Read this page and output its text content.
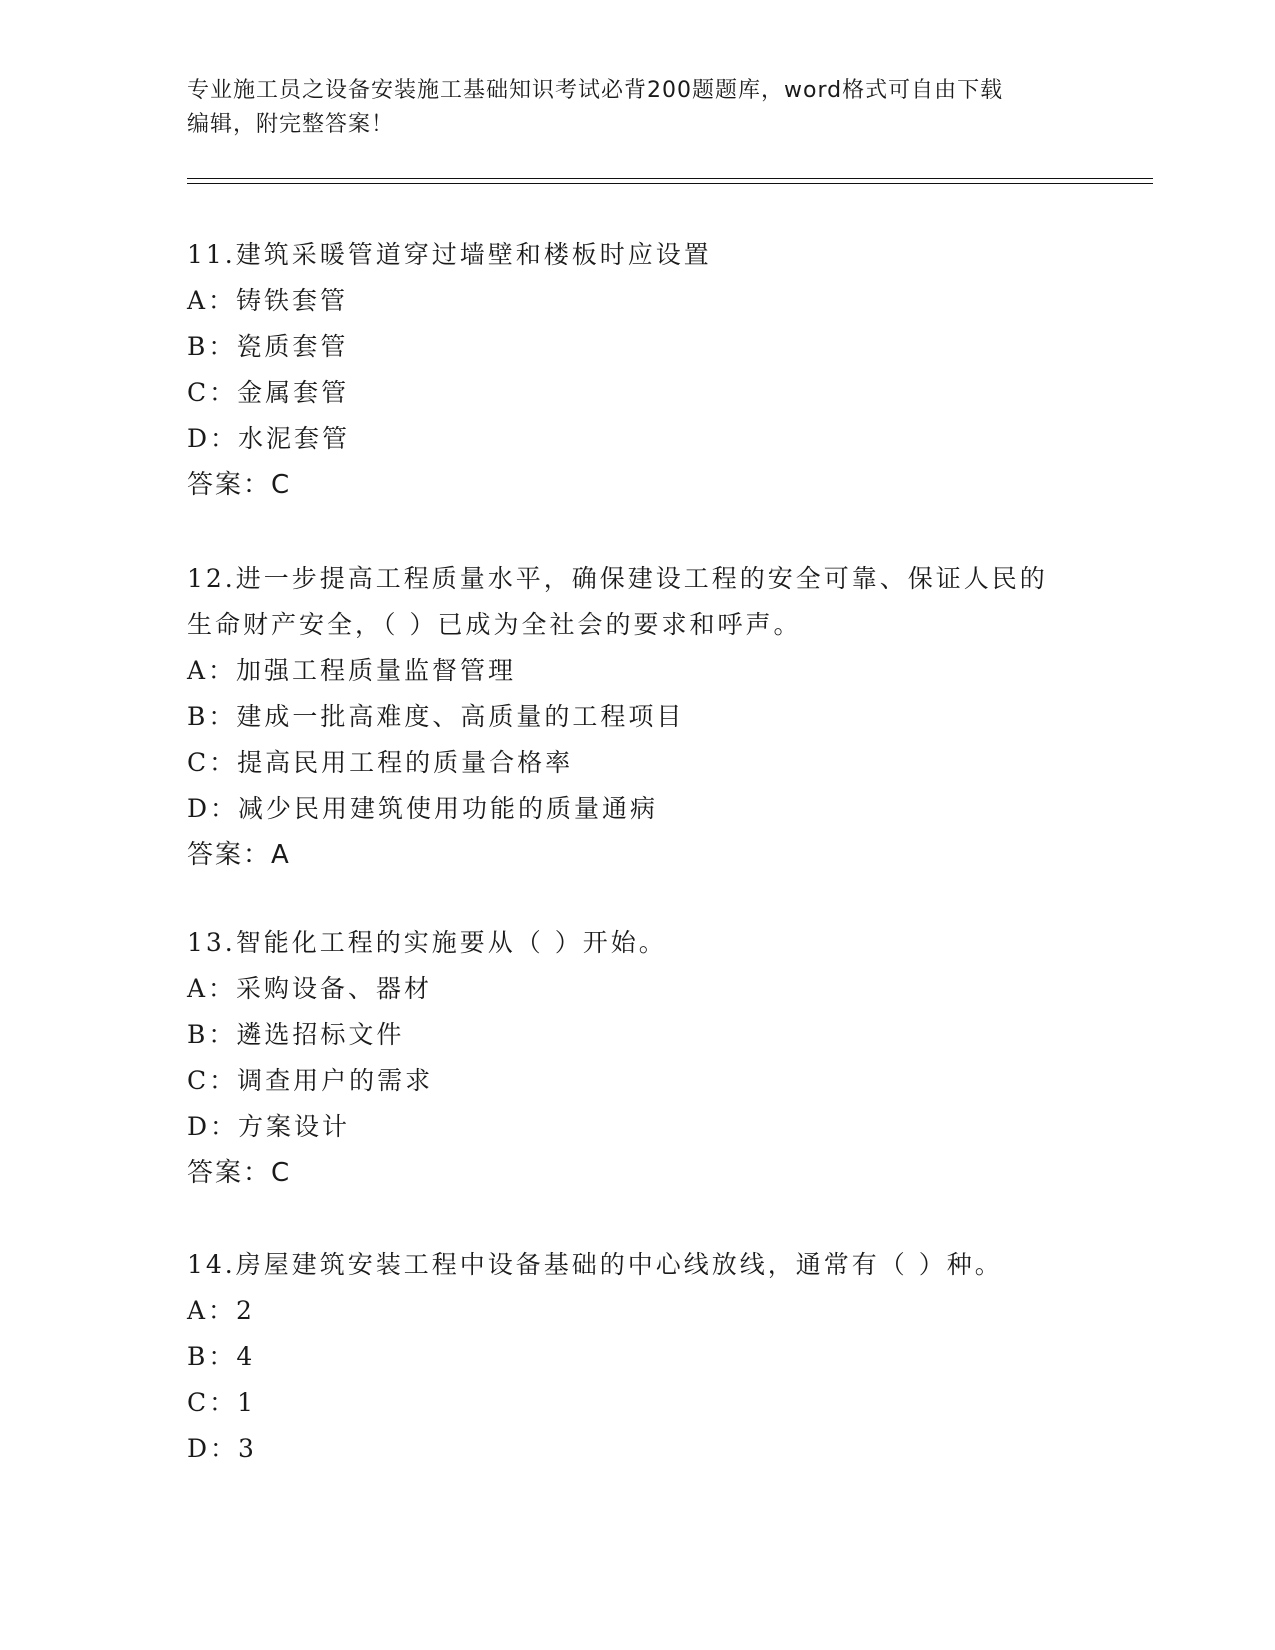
专业施工员之设备安装施工基础知识考试必背200题题库，word格式可自由下载
编辑，附完整答案！

11.建筑采暖管道穿过墙壁和楼板时应设置

A：铸铁套管

B：瓷质套管

C：金属套管

D：水泥套管

答案：C

12.进一步提高工程质量水平，确保建设工程的安全可靠、保证人民的

生命财产安全，（ ）已成为全社会的要求和呼声。

A：加强工程质量监督管理

B：建成一批高难度、高质量的工程项目

C：提高民用工程的质量合格率

D：减少民用建筑使用功能的质量通病

答案：A

13.智能化工程的实施要从（ ）开始。

A：采购设备、器材

B：遴选招标文件

C：调查用户的需求

D：方案设计

答案：C

14.房屋建筑安装工程中设备基础的中心线放线，通常有（ ）种。

A：2

B：4

C：1

D：3
